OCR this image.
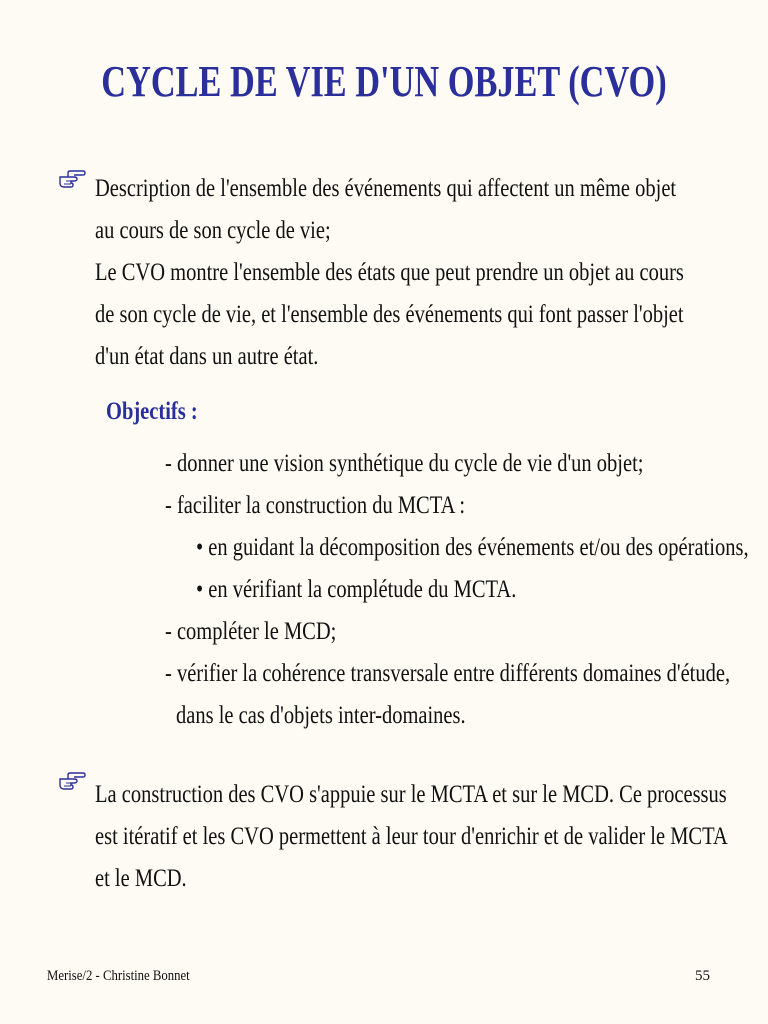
CYCLE DE VIE D'UN OBJET (CVO)
Description de l'ensemble des événements qui affectent un même objet
au cours de son cycle de vie;
Le CVO montre l'ensemble des états que peut prendre un objet au cours
de son cycle de vie, et l'ensemble des événements qui font passer l'objet
d'un état dans un autre état.
Objectifs :
- donner une vision synthétique du cycle de vie d'un objet;
- faciliter la construction du MCTA :
• en guidant la décomposition des événements et/ou des opérations,
• en vérifiant la complétude du MCTA.
- compléter le MCD;
- vérifier la cohérence transversale entre différents domaines d'étude,
dans le cas d'objets inter-domaines.
La construction des CVO s'appuie sur le MCTA et sur le MCD. Ce processus
est itératif et les CVO permettent à leur tour d'enrichir et de valider le MCTA
et le MCD.
Merise/2 - Christine Bonnet	55
